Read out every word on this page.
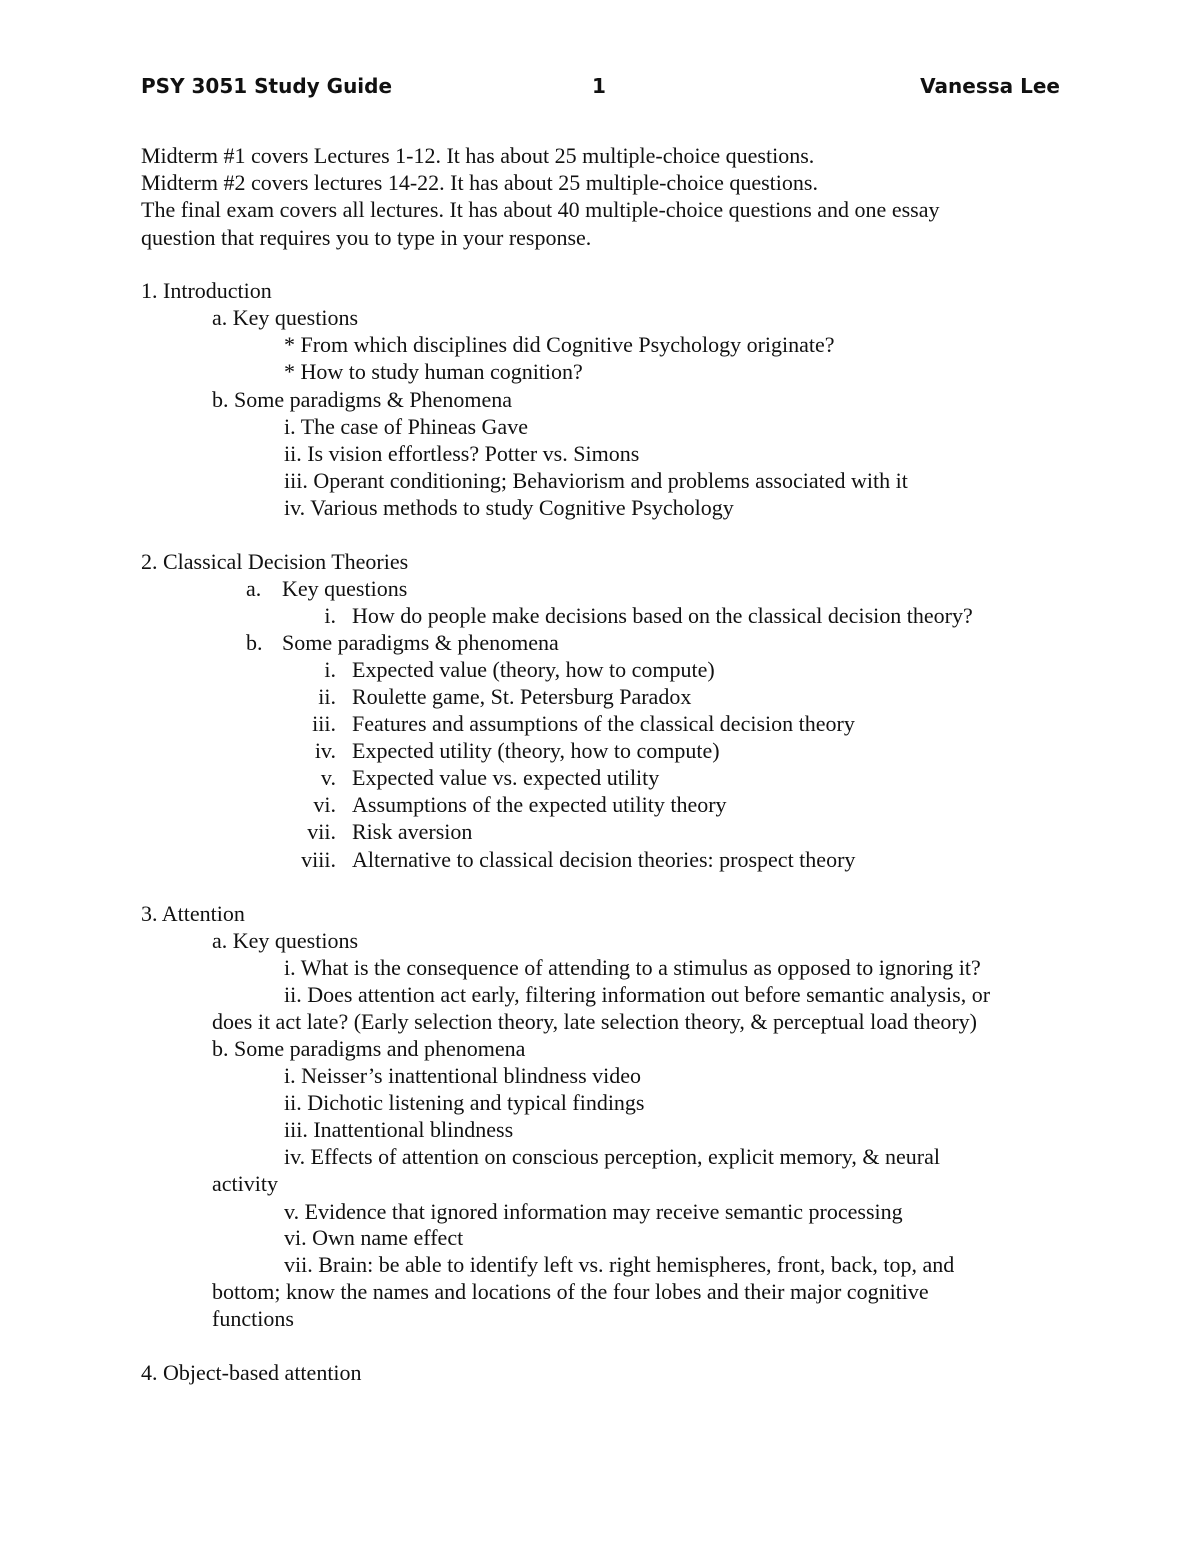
PSY 3051 Study Guide	1	Vanessa Lee
Midterm #1 covers Lectures 1-12. It has about 25 multiple-choice questions.
Midterm #2 covers lectures 14-22. It has about 25 multiple-choice questions.
The final exam covers all lectures. It has about 40 multiple-choice questions and one essay
question that requires you to type in your response.
1. Introduction
a. Key questions
* From which disciplines did Cognitive Psychology originate?
* How to study human cognition?
b. Some paradigms & Phenomena
i. The case of Phineas Gave
ii. Is vision effortless? Potter vs. Simons
iii. Operant conditioning; Behaviorism and problems associated with it
iv. Various methods to study Cognitive Psychology
2. Classical Decision Theories
a. Key questions
i. How do people make decisions based on the classical decision theory?
b. Some paradigms & phenomena
i. Expected value (theory, how to compute)
ii. Roulette game, St. Petersburg Paradox
iii. Features and assumptions of the classical decision theory
iv. Expected utility (theory, how to compute)
v. Expected value vs. expected utility
vi. Assumptions of the expected utility theory
vii. Risk aversion
viii. Alternative to classical decision theories: prospect theory
3. Attention
a. Key questions
i. What is the consequence of attending to a stimulus as opposed to ignoring it?
ii. Does attention act early, filtering information out before semantic analysis, or
does it act late? (Early selection theory, late selection theory, & perceptual load theory)
b. Some paradigms and phenomena
i. Neisser’s inattentional blindness video
ii. Dichotic listening and typical findings
iii. Inattentional blindness
iv. Effects of attention on conscious perception, explicit memory, & neural
activity
v. Evidence that ignored information may receive semantic processing
vi. Own name effect
vii. Brain: be able to identify left vs. right hemispheres, front, back, top, and
bottom; know the names and locations of the four lobes and their major cognitive
functions
4. Object-based attention
